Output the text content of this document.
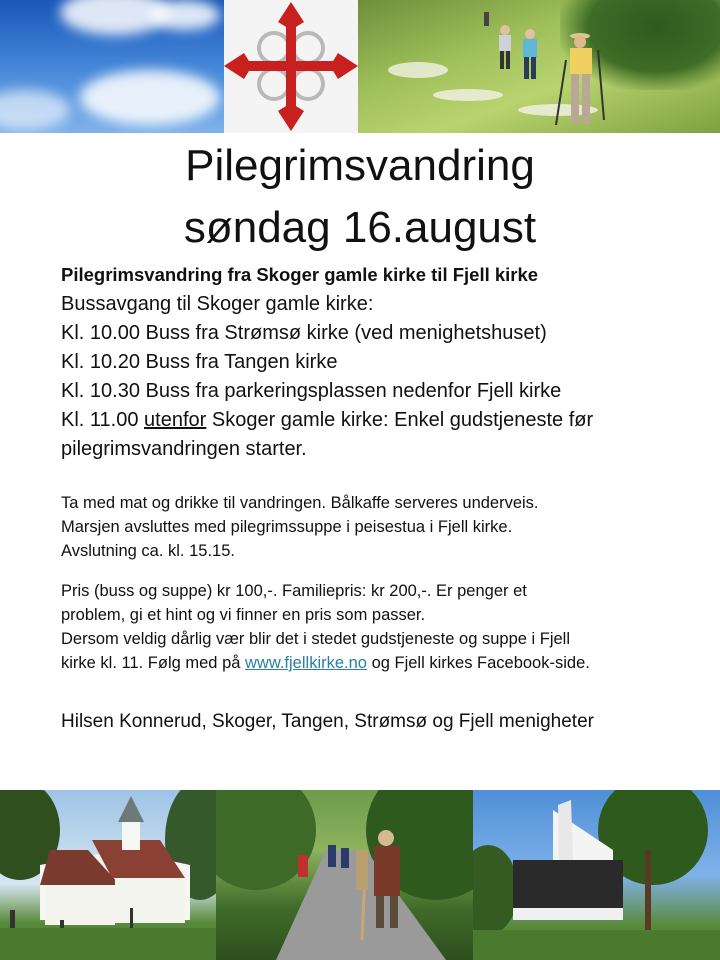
Pilegrimsvandring
søndag 16.august
Pilegrimsvandring fra Skoger gamle kirke til Fjell kirke
Bussavgang til Skoger gamle kirke:
Kl. 10.00 Buss fra Strømsø kirke (ved menighetshuset)
Kl. 10.20 Buss fra Tangen kirke
Kl. 10.30 Buss fra parkeringsplassen nedenfor Fjell kirke
Kl. 11.00 utenfor Skoger gamle kirke: Enkel gudstjeneste før
pilegrimsvandringen starter.
Ta med mat og drikke til vandringen. Bålkaffe serveres underveis.
Marsjen avsluttes med pilegrimssuppe i peisestua i Fjell kirke.
Avslutning ca. kl. 15.15.
Pris (buss og suppe) kr 100,-. Familiepris: kr 200,-. Er penger et
problem, gi et hint og vi finner en pris som passer.
Dersom veldig dårlig vær blir det i stedet gudstjeneste og suppe i Fjell
kirke kl. 11. Følg med på www.fjellkirke.no og Fjell kirkes Facebook-side.
Hilsen Konnerud, Skoger, Tangen, Strømsø og Fjell menigheter
